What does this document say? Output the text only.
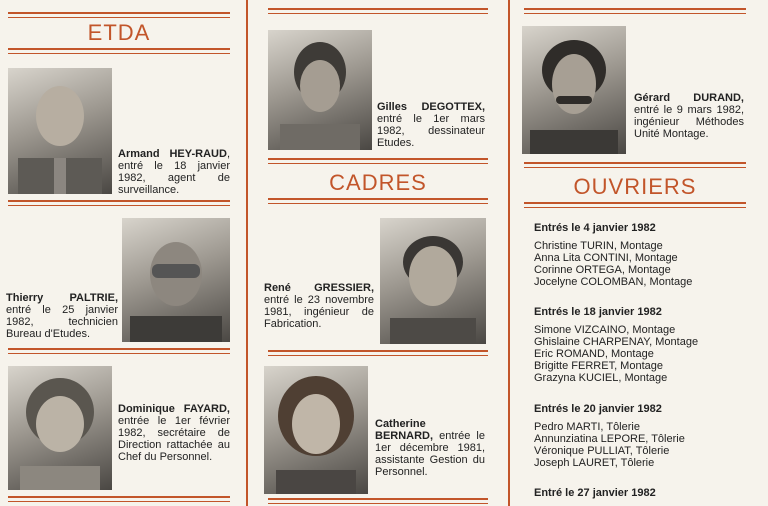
ETDA
Armand HEY-RAUD, entré le 18 janvier 1982, agent de surveillance.
Thierry PALTRIE, entré le 25 janvier 1982, technicien Bureau d'Etudes.
Dominique FAYARD, entrée le 1er février 1982, secrétaire de Direction rattachée au Chef du Personnel.
Gilles DEGOTTEX, entré le 1er mars 1982, dessinateur Etudes.
CADRES
René GRESSIER, entré le 23 novembre 1981, ingénieur de Fabrication.
Catherine BERNARD, entrée le 1er décembre 1981, assistante Gestion du Personnel.
Gérard DURAND, entré le 9 mars 1982, ingénieur Méthodes Unité Montage.
OUVRIERS
Entrés le 4 janvier 1982
Christine TURIN, Montage
Anna Lita CONTINI, Montage
Corinne ORTEGA, Montage
Jocelyne COLOMBAN, Montage
Entrés le 18 janvier 1982
Simone VIZCAINO, Montage
Ghislaine CHARPENAY, Montage
Eric ROMAND, Montage
Brigitte FERRET, Montage
Grazyna KUCIEL, Montage
Entrés le 20 janvier 1982
Pedro MARTI, Tôlerie
Annunziatina LEPORE, Tôlerie
Véronique PULLIAT, Tôlerie
Joseph LAURET, Tôlerie
Entré le 27 janvier 1982
